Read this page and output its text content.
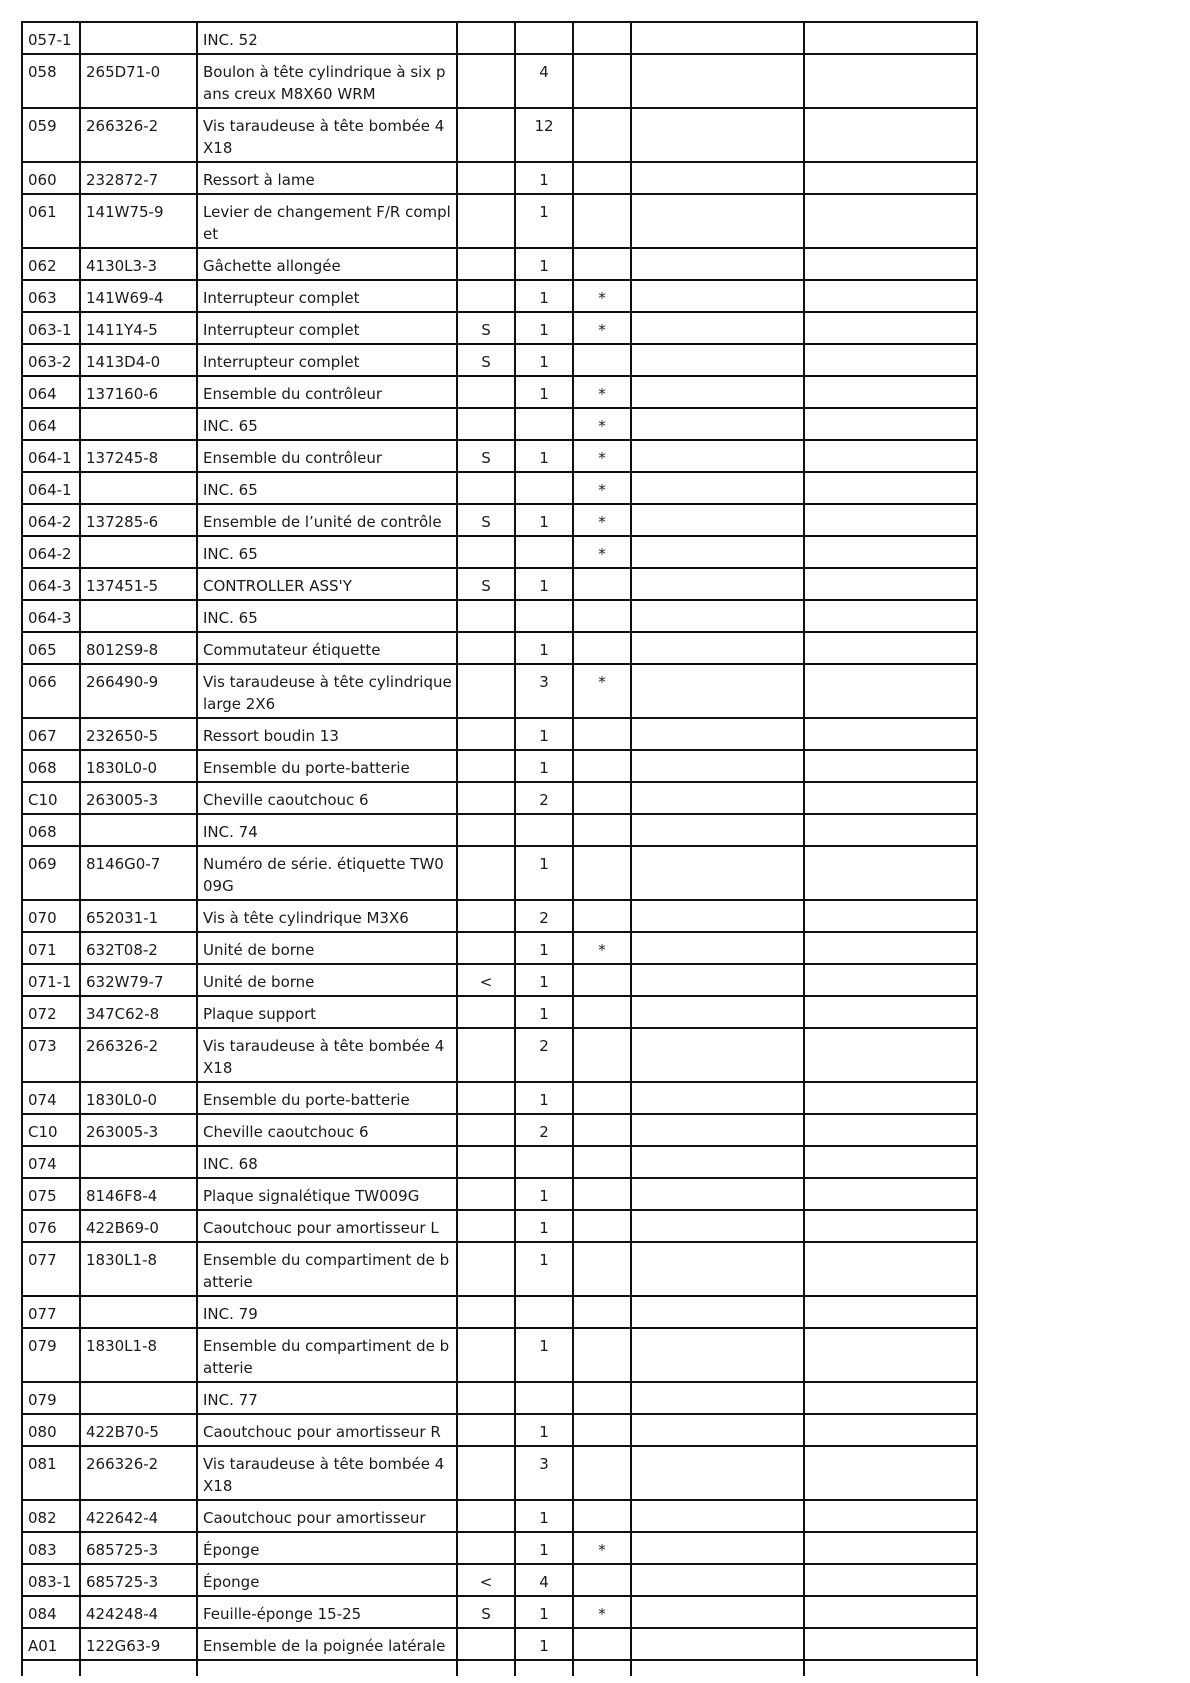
057-1		INC. 52					
058	265D71-0	Boulon à tête cylindrique à six pans creux M8X60 WRM		4			
059	266326-2	Vis taraudeuse à tête bombée 4X18		12			
060	232872-7	Ressort à lame		1			
061	141W75-9	Levier de changement F/R complet		1			
062	4130L3-3	Gâchette allongée		1			
063	141W69-4	Interrupteur complet		1	*		
063-1	1411Y4-5	Interrupteur complet	S	1	*		
063-2	1413D4-0	Interrupteur complet	S	1			
064	137160-6	Ensemble du contrôleur		1	*		
064		INC. 65			*		
064-1	137245-8	Ensemble du contrôleur	S	1	*		
064-1		INC. 65			*		
064-2	137285-6	Ensemble de l’unité de contrôle	S	1	*		
064-2		INC. 65			*		
064-3	137451-5	CONTROLLER ASS'Y	S	1			
064-3		INC. 65					
065	8012S9-8	Commutateur étiquette		1			
066	266490-9	Vis taraudeuse à tête cylindrique large 2X6		3	*		
067	232650-5	Ressort boudin 13		1			
068	1830L0-0	Ensemble du porte-batterie		1			
C10	263005-3	Cheville caoutchouc 6		2			
068		INC. 74					
069	8146G0-7	Numéro de série. étiquette TW009G		1			
070	652031-1	Vis à tête cylindrique M3X6		2			
071	632T08-2	Unité de borne		1	*		
071-1	632W79-7	Unité de borne	<	1			
072	347C62-8	Plaque support		1			
073	266326-2	Vis taraudeuse à tête bombée 4X18		2			
074	1830L0-0	Ensemble du porte-batterie		1			
C10	263005-3	Cheville caoutchouc 6		2			
074		INC. 68					
075	8146F8-4	Plaque signalétique TW009G		1			
076	422B69-0	Caoutchouc pour amortisseur L		1			
077	1830L1-8	Ensemble du compartiment de batterie		1			
077		INC. 79					
079	1830L1-8	Ensemble du compartiment de batterie		1			
079		INC. 77					
080	422B70-5	Caoutchouc pour amortisseur R		1			
081	266326-2	Vis taraudeuse à tête bombée 4X18		3			
082	422642-4	Caoutchouc pour amortisseur		1			
083	685725-3	Éponge		1	*		
083-1	685725-3	Éponge	<	4			
084	424248-4	Feuille-éponge 15-25	S	1	*		
A01	122G63-9	Ensemble de la poignée latérale		1			
